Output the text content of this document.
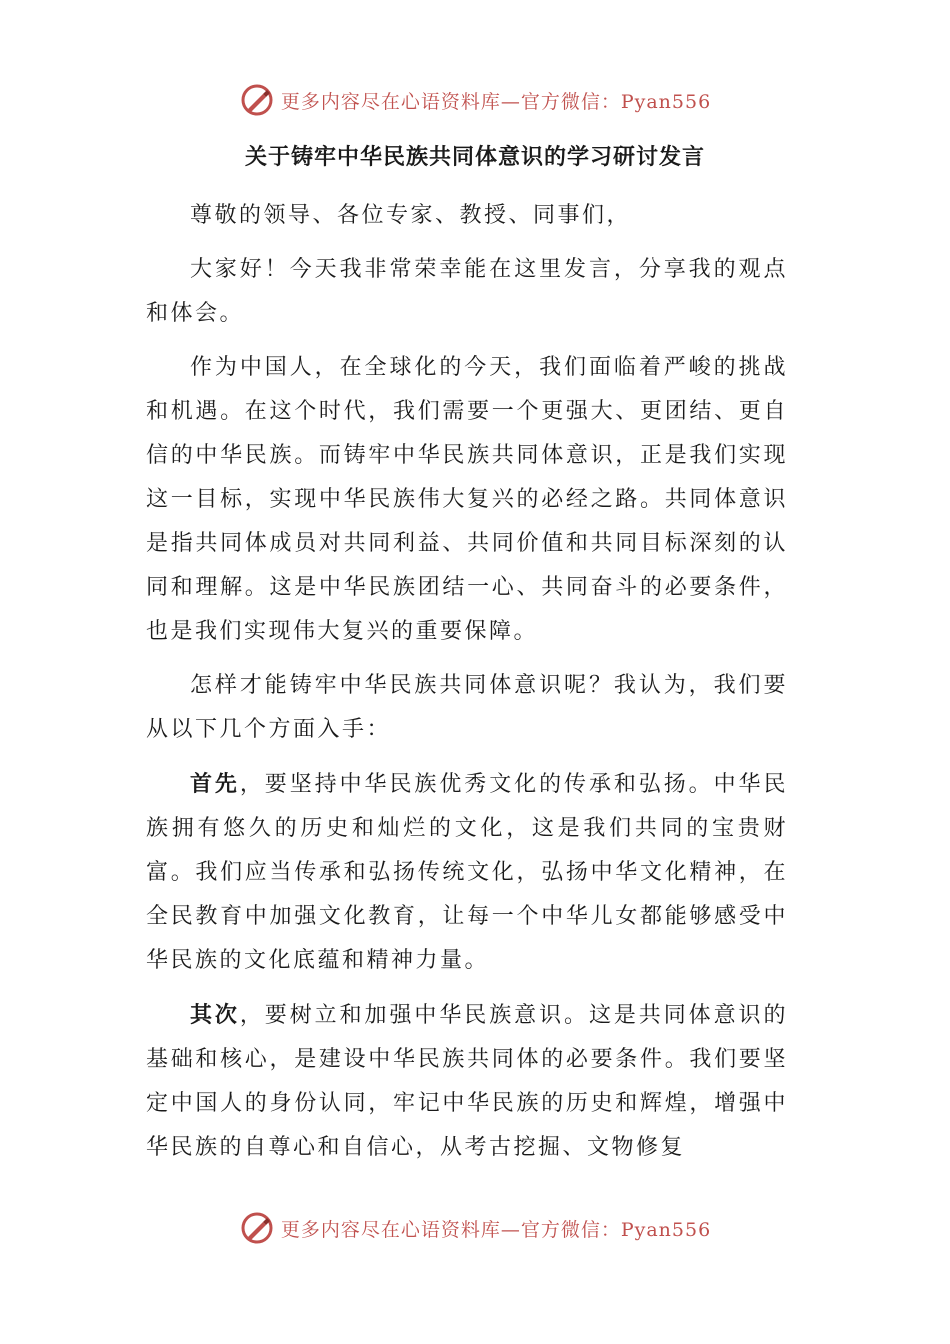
更多内容尽在心语资料库—官方微信：Pyan556
关于铸牢中华民族共同体意识的学习研讨发言

尊敬的领导、各位专家、教授、同事们，

大家好！今天我非常荣幸能在这里发言，分享我的观点和体会。

作为中国人，在全球化的今天，我们面临着严峻的挑战和机遇。在这个时代，我们需要一个更强大、更团结、更自信的中华民族。而铸牢中华民族共同体意识，正是我们实现这一目标，实现中华民族伟大复兴的必经之路。共同体意识是指共同体成员对共同利益、共同价值和共同目标深刻的认同和理解。这是中华民族团结一心、共同奋斗的必要条件，也是我们实现伟大复兴的重要保障。

怎样才能铸牢中华民族共同体意识呢？我认为，我们要从以下几个方面入手：

首先，要坚持中华民族优秀文化的传承和弘扬。中华民族拥有悠久的历史和灿烂的文化，这是我们共同的宝贵财富。我们应当传承和弘扬传统文化，弘扬中华文化精神，在全民教育中加强文化教育，让每一个中华儿女都能够感受中华民族的文化底蕴和精神力量。

其次，要树立和加强中华民族意识。这是共同体意识的基础和核心，是建设中华民族共同体的必要条件。我们要坚定中国人的身份认同，牢记中华民族的历史和辉煌，增强中华民族的自尊心和自信心，从考古挖掘、文物修复

更多内容尽在心语资料库—官方微信：Pyan556
